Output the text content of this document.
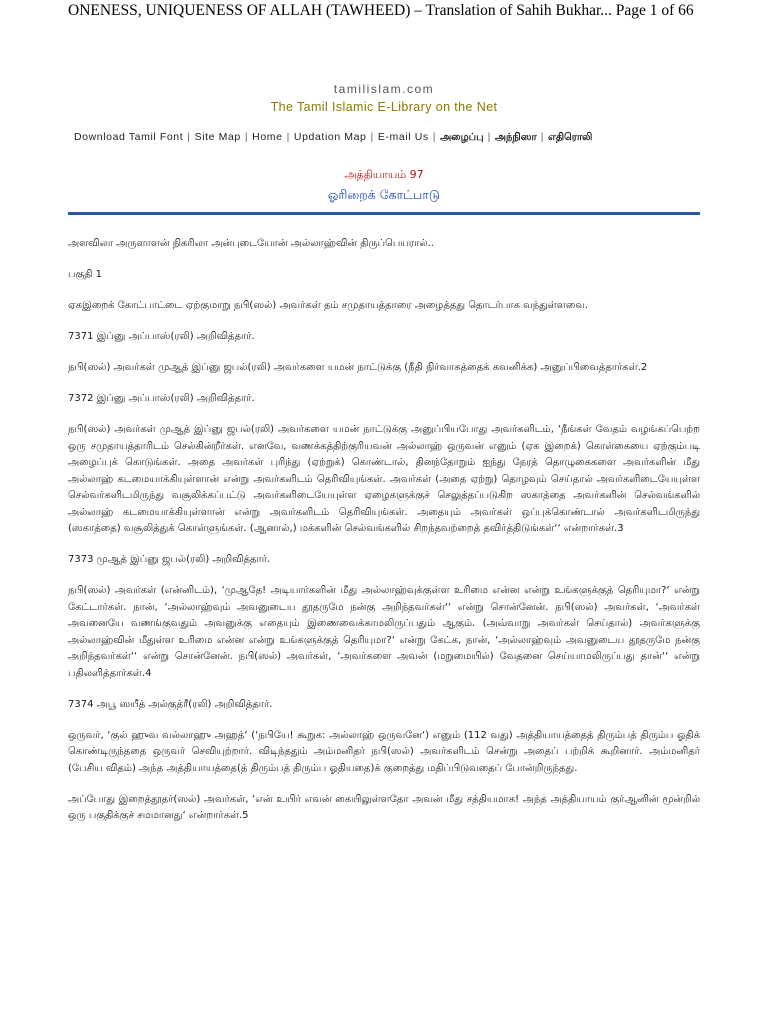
ONENESS, UNIQUENESS OF ALLAH (TAWHEED) – Translation of Sahih Bukhar... Page 1 of 66
tamilislam.com
The Tamil Islamic E-Library on the Net
Download Tamil Font | Site Map | Home | Updation Map | E-mail Us | அழைப்பு | அந்நிஸா | எதிரொலி
அத்தியாயம் 97
ஓரிறைக் கோட்பாடு

அளவிலா அருளாளன் நிகரிலா அன்புடையோன் அல்லாஹ்வின் திருப்பெயரால்..

பகுதி 1

ஏகஇறைக் கோட்பாட்டை ஏற்குமாறு நபி(ஸல்) அவர்கள் தம் சமுதாயத்தாரை அழைத்தது தொடர்பாக வந்துள்ளவை.

7371 இப்னு அப்பாஸ்(ரலி) அறிவித்தார்.

நபி(ஸல்) அவர்கள் முஆத் இப்னு ஜபல்(ரலி) அவர்களை யமன் நாட்டுக்கு (நீதி நிர்வாகத்தைக் கவனிக்க) அனுப்பிவைத்தார்கள்.2

7372 இப்னு அப்பாஸ்(ரலி) அறிவித்தார்.

நபி(ஸல்) அவர்கள் முஆத் இப்னு ஜபல்(ரலி) அவர்களை யமன் நாட்டுக்கு அனுப்பியபோது அவர்களிடம், ‘நீங்கள் வேதம் வழங்கப்பெற்ற ஒரு சமுதாயத்தாரிடம் செல்கின்றீர்கள். எனவே, வணக்கத்திற்குரியவன் அல்லாஹ் ஒருவன் எனும் (ஏக இறைக்) கொள்கையை ஏற்கும்படி அழைப்புக் கொடுங்கள். அதை அவர்கள் புரிந்து (ஏற்றுக்) கொண்டால், தினந்தோறும் ஐந்து நேரத் தொழுகைகளை அவர்களின் மீது அல்லாஹ் கடமையாக்கியுள்ளான் என்று அவர்களிடம் தெரிவியுங்கள். அவர்கள் (அதை ஏற்று) தொழவும் செய்தால் அவர்களிடையேயுள்ள செல்வர்களிடமிருந்து வசூலிக்கப்பட்டு அவர்களிடையேயுள்ள ஏழைகளுக்குச் செலுத்தப்படுகிற ஸகாத்தை அவர்களின் செல்வங்களில் அல்லாஹ் கடமையாக்கியுள்ளான் என்று அவர்களிடம் தெரிவியுங்கள். அதையும் அவர்கள் ஒப்புக்கொண்டால் அவர்களிடமிருந்து (ஸகாத்தை) வசூலித்துக் கொள்ளுங்கள். (ஆனால்,) மக்களின் செல்வங்களில் சிறந்தவற்றைத் தவிர்த்திடுங்கள்‘‘ என்றார்கள்.3

7373 முஆத் இப்னு ஜபல்(ரலி) அறிவித்தார்.

நபி(ஸல்) அவர்கள் (என்னிடம்), ‘முஆதே! அடியார்களின் மீது அல்லாஹ்வுக்குள்ள உரிமை என்ன என்று உங்களுக்குத் தெரியுமா?‘ என்று கேட்டார்கள். நான், ‘அல்லாஹ்வும் அவனுடைய தூதருமே நன்கு அறிந்தவர்கள்‘‘ என்று சொன்னேன். நபி(ஸல்) அவர்கள், ‘அவர்கள் அவனையே வணங்குவதும் அவனுக்கு எதையும் இணைவைக்காமலிருப்பதும் ஆகும். (அவ்வாறு அவர்கள் செய்தால்) அவர்களுக்கு அல்லாஹ்வின் மீதுள்ள உரிமை என்ன என்று உங்களுக்குத் தெரியுமா?‘ என்று கேட்க, நான், ‘அல்லாஹ்வும் அவனுடைய தூதருமே நன்கு அறிந்தவர்கள்‘‘ என்று சொன்னேன். நபி(ஸல்) அவர்கள், ‘அவர்களை அவன் (மறுமையில்) வேதனை செய்யாமலிருப்பது தான்‘‘ என்று பதிலளித்தார்கள்.4

7374 அபூ ஸயீத் அல்குத்ரீ(ரலி) அறிவித்தார்.

ஒருவர், ‘குல் ஹுவ வல்லாஹு அஹத்‘ (‘நபியே! கூறுக: அல்லாஹ் ஒருவனே‘) எனும் (112 வது) அத்தியாயத்தைத் திரும்பத் திரும்ப ஓதிக் கொண்டிருந்ததை ஒருவர் செவியுற்றார். விடிந்ததும் அம்மனிதர் நபி(ஸல்) அவர்களிடம் சென்று அதைப் பற்றிக் கூறினார். அம்மனிதர் (பேசிய விதம்) அந்த அத்தியாயத்தை(த் திரும்பத் திரும்ப ஓதியதை)க் குறைத்து மதிப்பிடுவதைப் போன்றிருந்தது.

அப்போது இறைத்தூதர்(ஸல்) அவர்கள், ‘என் உயிர் எவன் கையிலுள்ளதோ அவன் மீது சத்தியமாக! அந்த அத்தியாயம் குர்ஆனின் மூன்றில் ஒரு பகுதிக்குச் சமமானது‘ என்றார்கள்.5
